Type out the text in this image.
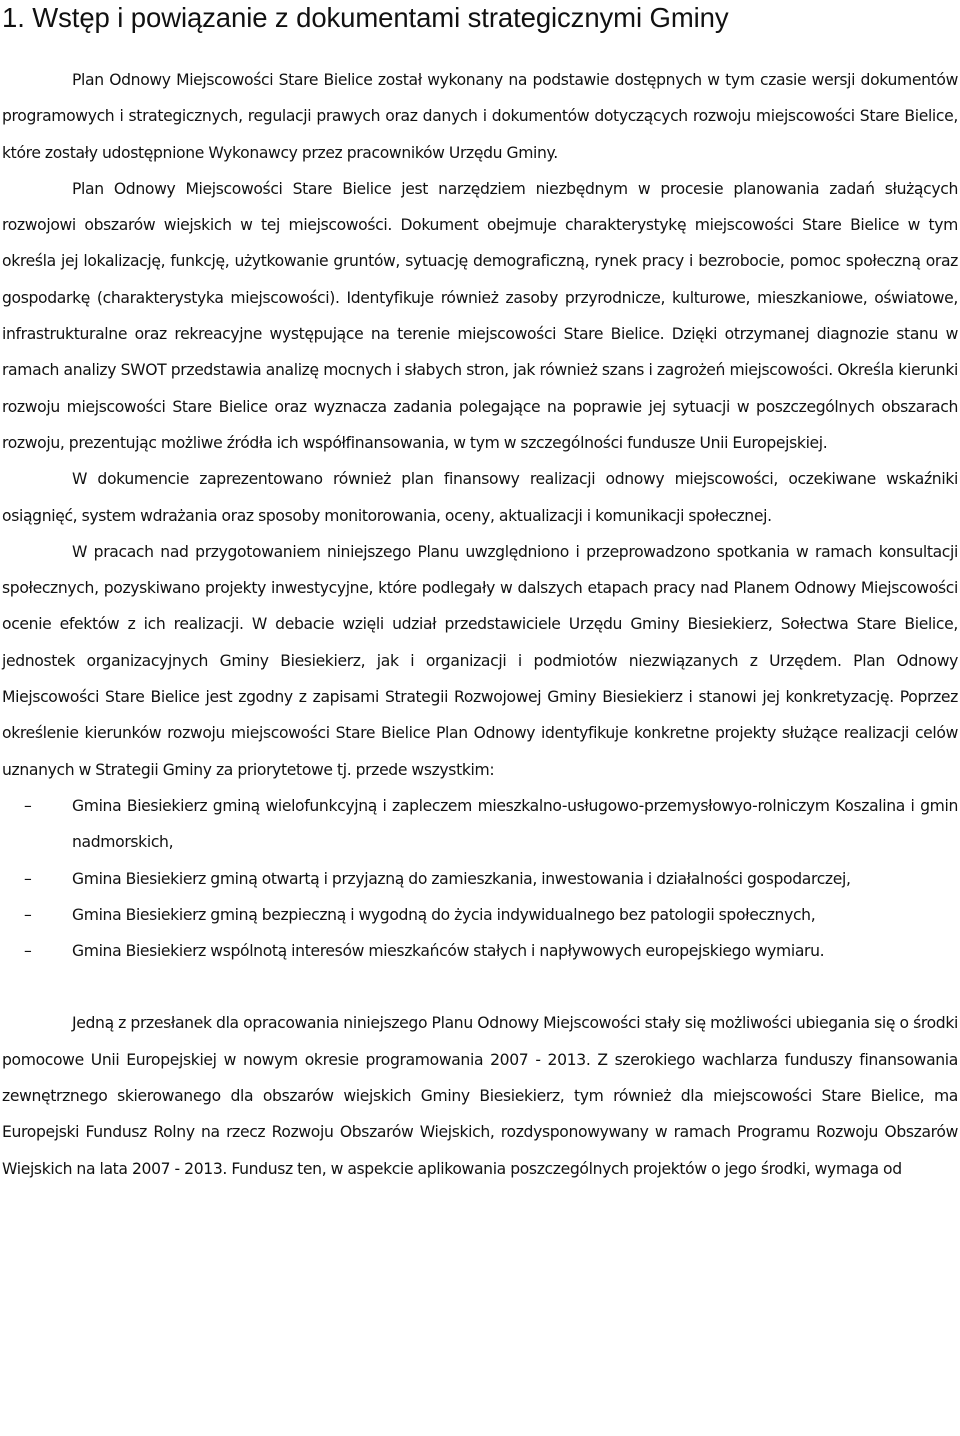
1. Wstęp i powiązanie z dokumentami strategicznymi Gminy

Plan Odnowy Miejscowości Stare Bielice został wykonany na podstawie dostępnych w tym czasie wersji dokumentów programowych i strategicznych, regulacji prawych oraz danych i dokumentów dotyczących rozwoju miejscowości Stare Bielice, które zostały udostępnione Wykonawcy przez pracowników Urzędu Gminy.

Plan Odnowy Miejscowości Stare Bielice jest narzędziem niezbędnym w procesie planowania zadań służących rozwojowi obszarów wiejskich w tej miejscowości. Dokument obejmuje charakterystykę miejscowości Stare Bielice w tym określa jej lokalizację, funkcję, użytkowanie gruntów, sytuację demograficzną, rynek pracy i bezrobocie, pomoc społeczną oraz gospodarkę (charakterystyka miejscowości). Identyfikuje również zasoby przyrodnicze, kulturowe, mieszkaniowe, oświatowe, infrastrukturalne oraz rekreacyjne występujące na terenie miejscowości Stare Bielice. Dzięki otrzymanej diagnozie stanu w ramach analizy SWOT przedstawia analizę mocnych i słabych stron, jak również szans i zagrożeń miejscowości. Określa kierunki rozwoju miejscowości Stare Bielice oraz wyznacza zadania polegające na poprawie jej sytuacji w poszczególnych obszarach rozwoju, prezentując możliwe źródła ich współfinansowania, w tym w szczególności fundusze Unii Europejskiej.

W dokumencie zaprezentowano również plan finansowy realizacji odnowy miejscowości, oczekiwane wskaźniki osiągnięć, system wdrażania oraz sposoby monitorowania, oceny, aktualizacji i komunikacji społecznej.

W pracach nad przygotowaniem niniejszego Planu uwzględniono i przeprowadzono spotkania w ramach konsultacji społecznych, pozyskiwano projekty inwestycyjne, które podlegały w dalszych etapach pracy nad Planem Odnowy Miejscowości ocenie efektów z ich realizacji. W debacie wzięli udział przedstawiciele Urzędu Gminy Biesiekierz, Sołectwa Stare Bielice, jednostek organizacyjnych Gminy Biesiekierz, jak i organizacji i podmiotów niezwiązanych z Urzędem. Plan Odnowy Miejscowości Stare Bielice jest zgodny z zapisami Strategii Rozwojowej Gminy Biesiekierz i stanowi jej konkretyzację. Poprzez określenie kierunków rozwoju miejscowości Stare Bielice Plan Odnowy identyfikuje konkretne projekty służące realizacji celów uznanych w Strategii Gminy za priorytetowe tj. przede wszystkim:

–	Gmina Biesiekierz gminą wielofunkcyjną i zapleczem mieszkalno-usługowo-przemysłowyo-rolniczym Koszalina i gmin nadmorskich,
–	Gmina Biesiekierz gminą otwartą i przyjazną do zamieszkania, inwestowania i działalności gospodarczej,
–	Gmina Biesiekierz gminą bezpieczną i wygodną do życia indywidualnego bez patologii społecznych,
–	Gmina Biesiekierz wspólnotą interesów mieszkańców stałych i napływowych europejskiego wymiaru.

Jedną z przesłanek dla opracowania niniejszego Planu Odnowy Miejscowości stały się możliwości ubiegania się o środki pomocowe Unii Europejskiej w nowym okresie programowania 2007 - 2013. Z szerokiego wachlarza funduszy finansowania zewnętrznego skierowanego dla obszarów wiejskich Gminy Biesiekierz, tym również dla miejscowości Stare Bielice, ma Europejski Fundusz Rolny na rzecz Rozwoju Obszarów Wiejskich, rozdysponowywany w ramach Programu Rozwoju Obszarów Wiejskich na lata 2007 - 2013. Fundusz ten, w aspekcie aplikowania poszczególnych projektów o jego środki, wymaga od
